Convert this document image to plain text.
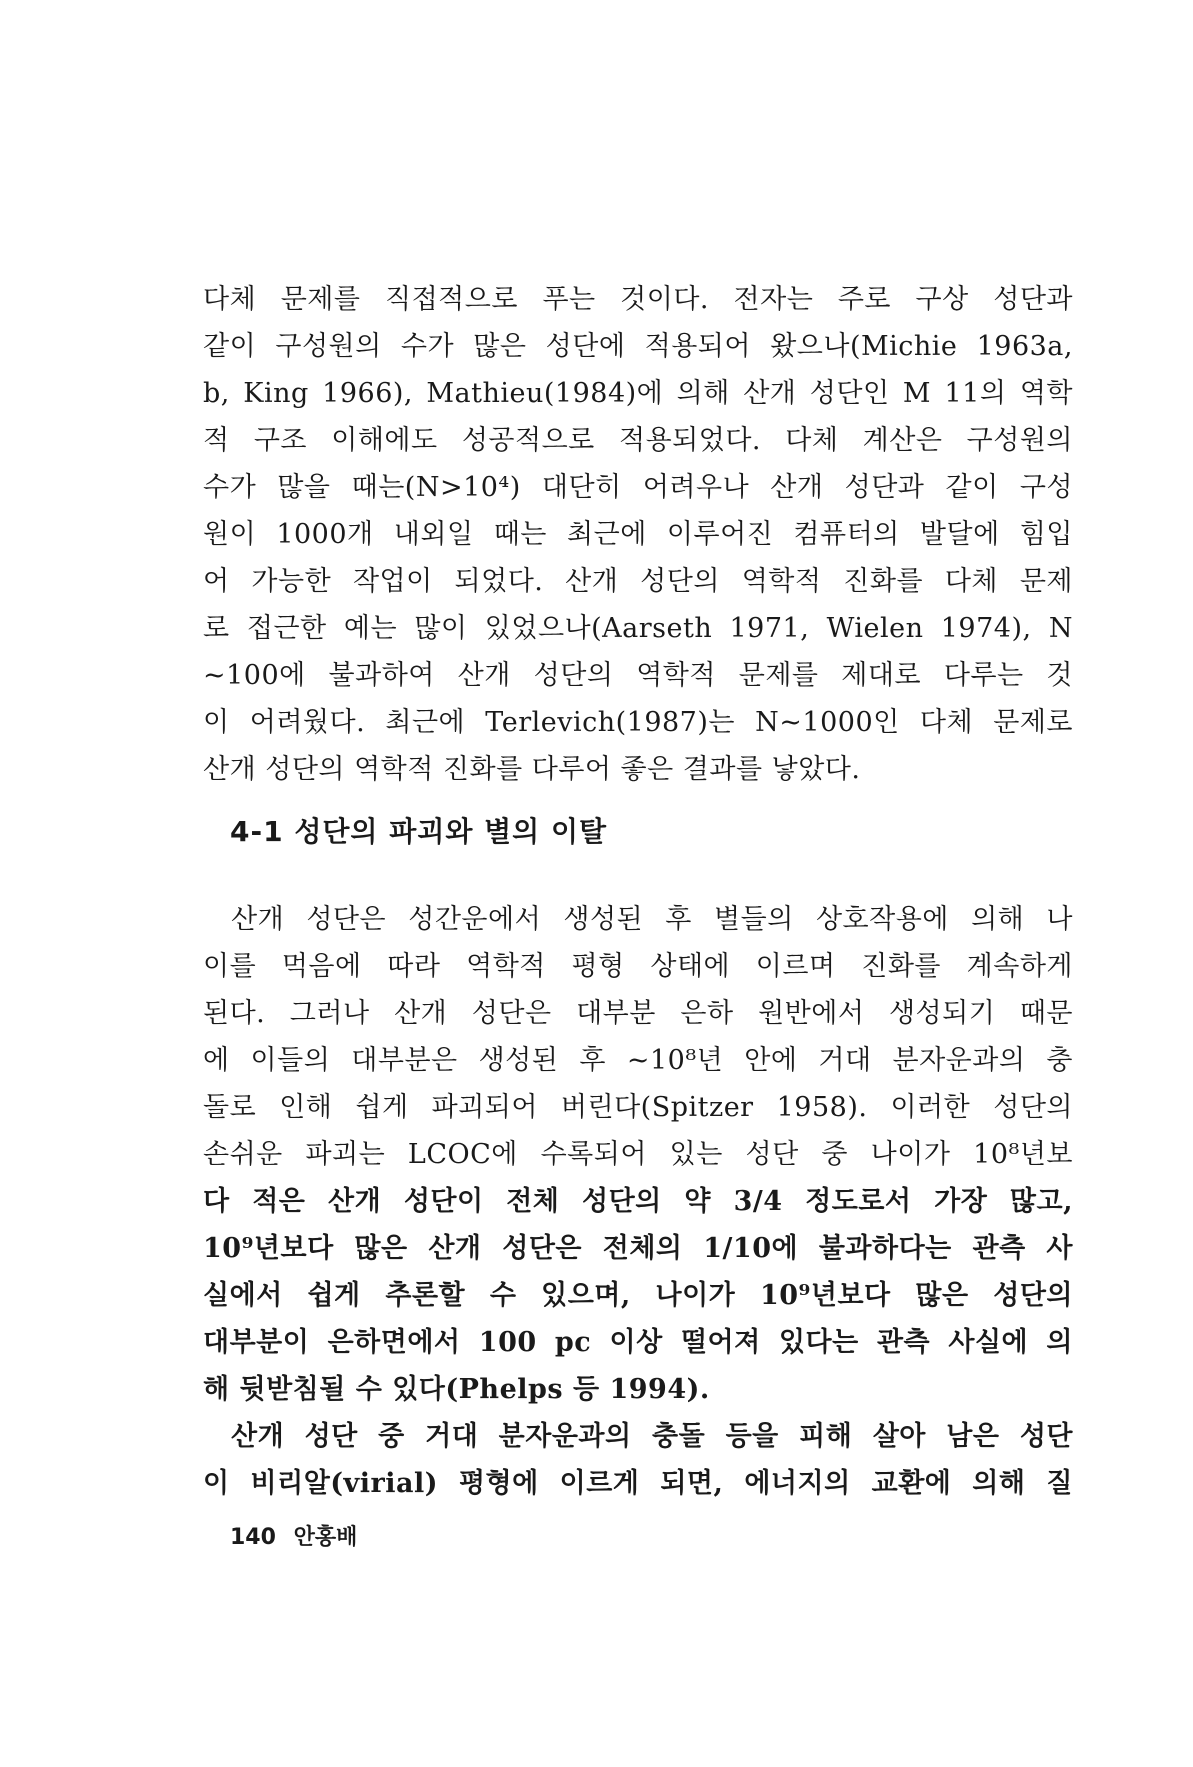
다체 문제를 직접적으로 푸는 것이다. 전자는 주로 구상 성단과
같이 구성원의 수가 많은 성단에 적용되어 왔으나(Michie 1963a,
b, King 1966), Mathieu(1984)에 의해 산개 성단인 M 11의 역학
적 구조 이해에도 성공적으로 적용되었다. 다체 계산은 구성원의
수가 많을 때는(N>10⁴) 대단히 어려우나 산개 성단과 같이 구성
원이 1000개 내외일 때는 최근에 이루어진 컴퓨터의 발달에 힘입
어 가능한 작업이 되었다. 산개 성단의 역학적 진화를 다체 문제
로 접근한 예는 많이 있었으나(Aarseth 1971, Wielen 1974), N
~100에 불과하여 산개 성단의 역학적 문제를 제대로 다루는 것
이 어려웠다. 최근에 Terlevich(1987)는 N~1000인 다체 문제로
산개 성단의 역학적 진화를 다루어 좋은 결과를 낳았다.
4-1 성단의 파괴와 별의 이탈
산개 성단은 성간운에서 생성된 후 별들의 상호작용에 의해 나
이를 먹음에 따라 역학적 평형 상태에 이르며 진화를 계속하게
된다. 그러나 산개 성단은 대부분 은하 원반에서 생성되기 때문
에 이들의 대부분은 생성된 후 ~10⁸년 안에 거대 분자운과의 충
돌로 인해 쉽게 파괴되어 버린다(Spitzer 1958). 이러한 성단의
손쉬운 파괴는 LCOC에 수록되어 있는 성단 중 나이가 10⁸년보
다 적은 산개 성단이 전체 성단의 약 3/4 정도로서 가장 많고,
10⁹년보다 많은 산개 성단은 전체의 1/10에 불과하다는 관측 사
실에서 쉽게 추론할 수 있으며, 나이가 10⁹년보다 많은 성단의
대부분이 은하면에서 100 pc 이상 떨어져 있다는 관측 사실에 의
해 뒷받침될 수 있다(Phelps 등 1994).
산개 성단 중 거대 분자운과의 충돌 등을 피해 살아 남은 성단
이 비리알(virial) 평형에 이르게 되면, 에너지의 교환에 의해 질
140 안홍배
